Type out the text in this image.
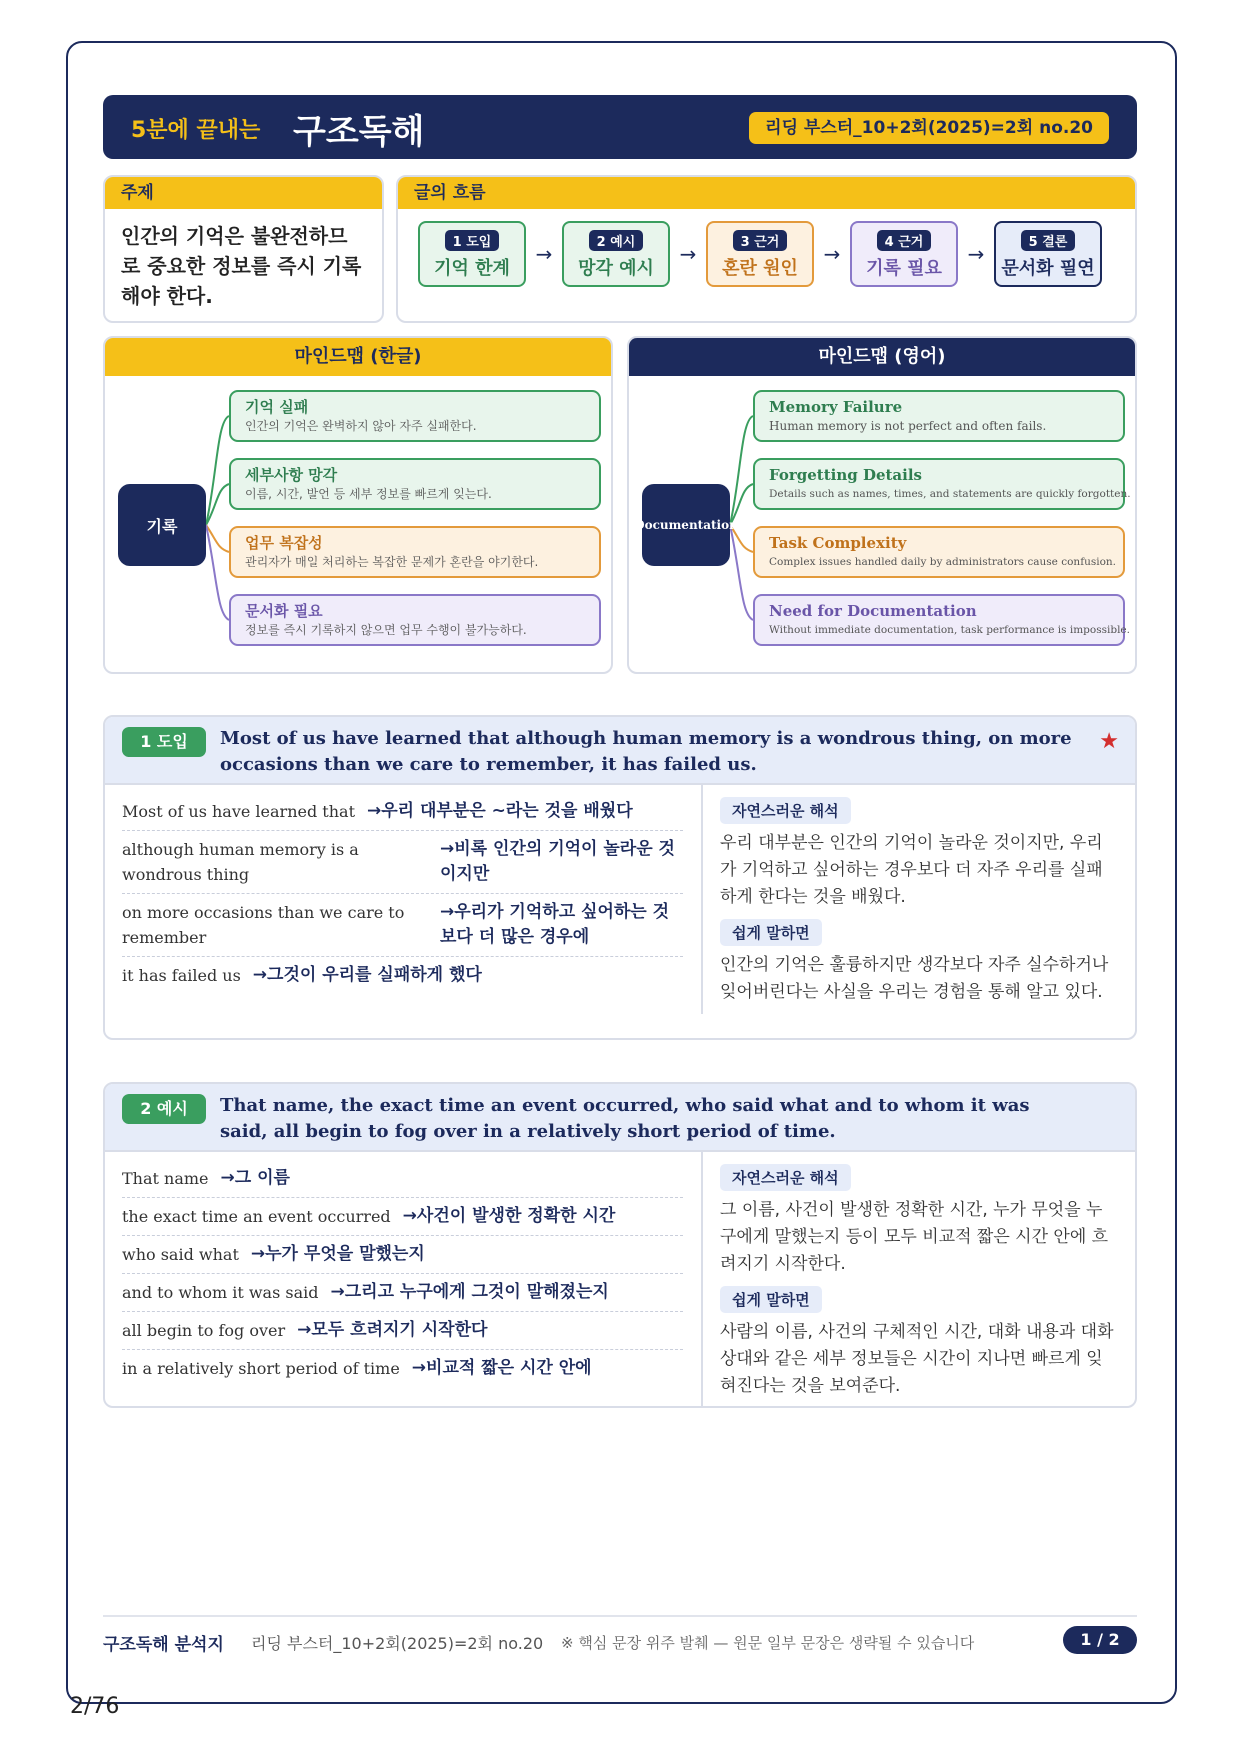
5분에 끝내는 구조독해	리딩 부스터_10+2회(2025)=2회 no.20
주제
인간의 기억은 불완전하므로 중요한 정보를 즉시 기록해야 한다.
글의 흐름
1 도입
기억 한계
→	2 예시
망각 예시
→	3 근거
혼란 원인
→	4 근거
기록 필요
→	5 결론
문서화 필연
마인드맵 (한글)
기록
기억 실패
인간의 기억은 완벽하지 않아 자주 실패한다.
세부사항 망각
이름, 시간, 발언 등 세부 정보를 빠르게 잊는다.
업무 복잡성
관리자가 매일 처리하는 복잡한 문제가 혼란을 야기한다.
문서화 필요
정보를 즉시 기록하지 않으면 업무 수행이 불가능하다.
마인드맵 (영어)
Documentation
Memory Failure
Human memory is not perfect and often fails.
Forgetting Details
Details such as names, times, and statements are quickly forgotten.
Task Complexity
Complex issues handled daily by administrators cause confusion.
Need for Documentation
Without immediate documentation, task performance is impossible.
1 도입	Most of us have learned that although human memory is a wondrous thing, on more occasions than we care to remember, it has failed us.
★
Most of us have learned that →우리 대부분은 ~라는 것을 배웠다
although human memory is a wondrous thing
→비록 인간의 기억이 놀라운 것이지만
on more occasions than we care to remember
→우리가 기억하고 싶어하는 것보다 더 많은 경우에
it has failed us →그것이 우리를 실패하게 했다
자연스러운 해석
우리 대부분은 인간의 기억이 놀라운 것이지만, 우리가 기억하고 싶어하는 경우보다 더 자주 우리를 실패하게 한다는 것을 배웠다.
쉽게 말하면
인간의 기억은 훌륭하지만 생각보다 자주 실수하거나 잊어버린다는 사실을 우리는 경험을 통해 알고 있다.
2 예시	That name, the exact time an event occurred, who said what and to whom it was said, all begin to fog over in a relatively short period of time.
That name →그 이름
the exact time an event occurred →사건이 발생한 정확한 시간
who said what →누가 무엇을 말했는지
and to whom it was said →그리고 누구에게 그것이 말해졌는지
all begin to fog over →모두 흐려지기 시작한다
in a relatively short period of time →비교적 짧은 시간 안에
자연스러운 해석
그 이름, 사건이 발생한 정확한 시간, 누가 무엇을 누구에게 말했는지 등이 모두 비교적 짧은 시간 안에 흐려지기 시작한다.
쉽게 말하면
사람의 이름, 사건의 구체적인 시간, 대화 내용과 대화 상대와 같은 세부 정보들은 시간이 지나면 빠르게 잊혀진다는 것을 보여준다.
구조독해 분석지 리딩 부스터_10+2회(2025)=2회 no.20 ※ 핵심 문장 위주 발췌 — 원문 일부 문장은 생략될 수 있습니다	1 / 2
2/76
